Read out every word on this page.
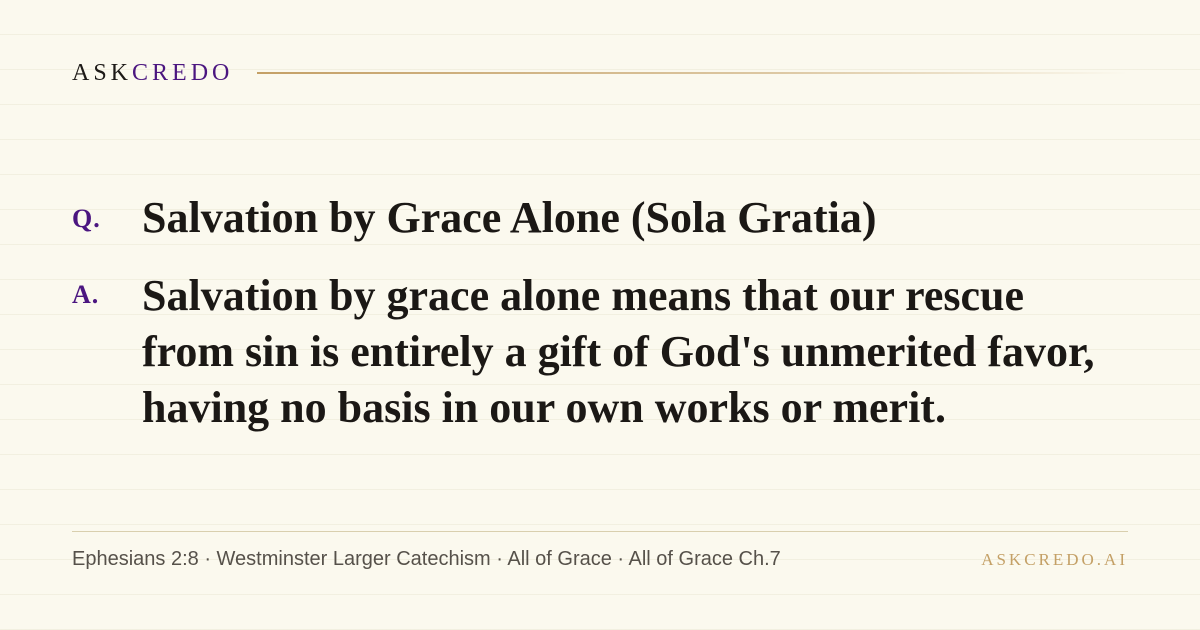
ASKCREDO
Q. Salvation by Grace Alone (Sola Gratia)
A. Salvation by grace alone means that our rescue
from sin is entirely a gift of God's unmerited favor,
having no basis in our own works or merit.
Ephesians 2:8 · Westminster Larger Catechism · All of Grace · All of Grace Ch.7	ASKCREDO.AI
